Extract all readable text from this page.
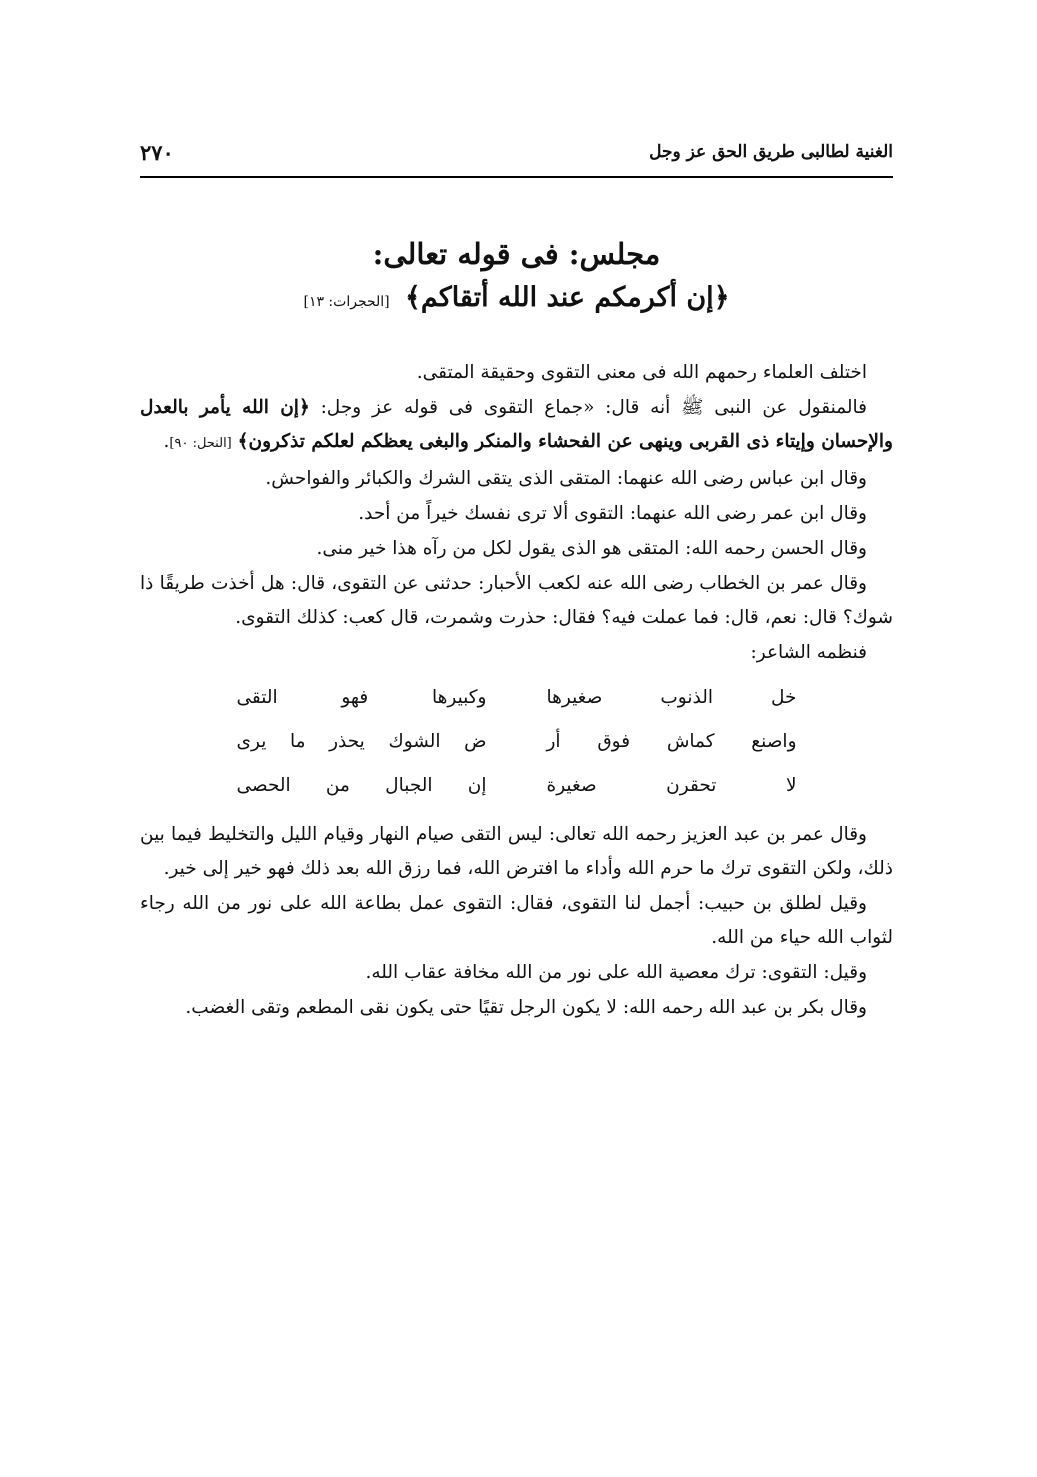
الغنية لطالبى طريق الحق عز وجل
٢٧٠
مجلس: فى قوله تعالى:
﴿إن أكرمكم عند الله أتقاكم﴾ [الحجرات: ١٣]

اختلف العلماء رحمهم الله فى معنى التقوى وحقيقة المتقى.

فالمنقول عن النبى ﷺ أنه قال: «جماع التقوى فى قوله عز وجل: ﴿إن الله يأمر بالعدل والإحسان وإيتاء ذى القربى وينهى عن الفحشاء والمنكر والبغى يعظكم لعلكم تذكرون﴾ [النحل: ٩٠].

وقال ابن عباس رضى الله عنهما: المتقى الذى يتقى الشرك والكبائر والفواحش.

وقال ابن عمر رضى الله عنهما: التقوى ألا ترى نفسك خيراً من أحد.

وقال الحسن رحمه الله: المتقى هو الذى يقول لكل من رآه هذا خير منى.

وقال عمر بن الخطاب رضى الله عنه لكعب الأحبار: حدثنى عن التقوى، قال: هل أخذت طريقًا ذا شوك؟ قال: نعم، قال: فما عملت فيه؟ فقال: حذرت وشمرت، قال كعب: كذلك التقوى.

فنظمه الشاعر:

خل الذنوب صغيرها
وكبيرها فهو التقى
واصنع كماش فوق أر
ض الشوك يحذر ما يرى
لا تحقرن صغيرة
إن الجبال من الحصى

وقال عمر بن عبد العزيز رحمه الله تعالى: ليس التقى صيام النهار وقيام الليل والتخليط فيما بين ذلك، ولكن التقوى ترك ما حرم الله وأداء ما افترض الله، فما رزق الله بعد ذلك فهو خير إلى خير.

وقيل لطلق بن حبيب: أجمل لنا التقوى، فقال: التقوى عمل بطاعة الله على نور من الله رجاء لثواب الله حياء من الله.

وقيل: التقوى: ترك معصية الله على نور من الله مخافة عقاب الله.

وقال بكر بن عبد الله رحمه الله: لا يكون الرجل تقيًا حتى يكون نقى المطعم وتقى الغضب.
